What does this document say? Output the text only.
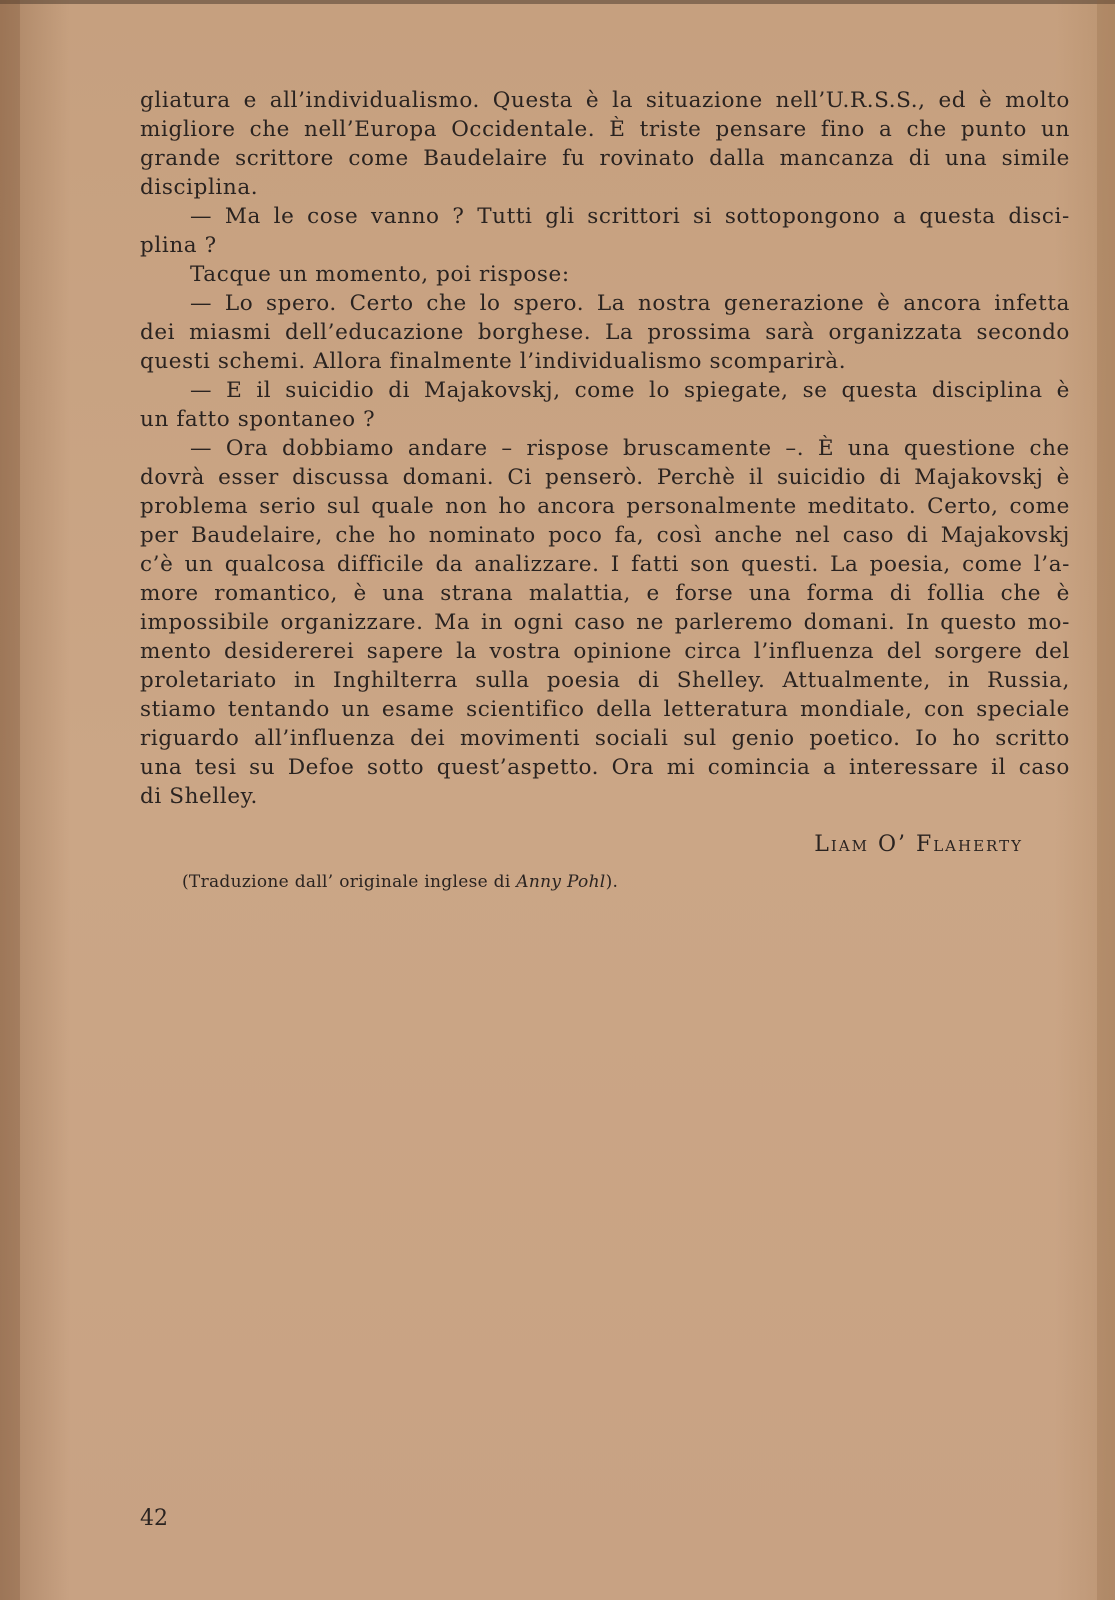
gliatura e all’individualismo. Questa è la situazione nell’U.R.S.S., ed è molto
migliore che nell’Europa Occidentale. È triste pensare fino a che punto un
grande scrittore come Baudelaire fu rovinato dalla mancanza di una simile
disciplina.
— Ma le cose vanno ? Tutti gli scrittori si sottopongono a questa disci-
plina ?
Tacque un momento, poi rispose:
— Lo spero. Certo che lo spero. La nostra generazione è ancora infetta
dei miasmi dell’educazione borghese. La prossima sarà organizzata secondo
questi schemi. Allora finalmente l’individualismo scomparirà.
— E il suicidio di Majakovskj, come lo spiegate, se questa disciplina è
un fatto spontaneo ?
— Ora dobbiamo andare – rispose bruscamente –. È una questione che
dovrà esser discussa domani. Ci penserò. Perchè il suicidio di Majakovskj è
problema serio sul quale non ho ancora personalmente meditato. Certo, come
per Baudelaire, che ho nominato poco fa, così anche nel caso di Majakovskj
c’è un qualcosa difficile da analizzare. I fatti son questi. La poesia, come l’a-
more romantico, è una strana malattia, e forse una forma di follia che è
impossibile organizzare. Ma in ogni caso ne parleremo domani. In questo mo-
mento desidererei sapere la vostra opinione circa l’influenza del sorgere del
proletariato in Inghilterra sulla poesia di Shelley. Attualmente, in Russia,
stiamo tentando un esame scientifico della letteratura mondiale, con speciale
riguardo all’influenza dei movimenti sociali sul genio poetico. Io ho scritto
una tesi su Defoe sotto quest’aspetto. Ora mi comincia a interessare il caso
di Shelley.
Liam O’ Flaherty
(Traduzione dall’ originale inglese di Anny Pohl).
42
